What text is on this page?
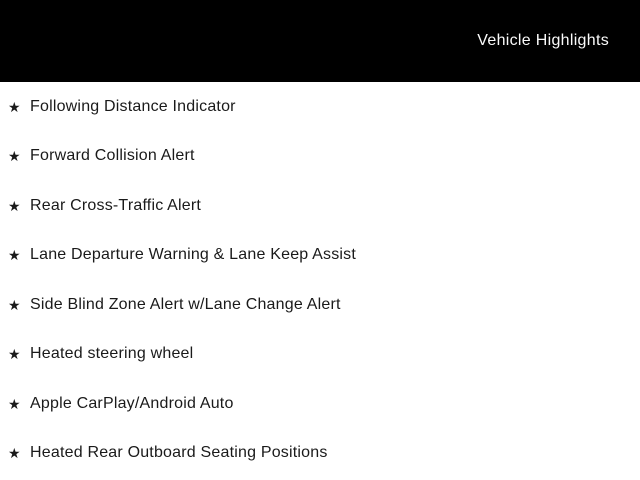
Vehicle Highlights
★ Following Distance Indicator
★ Forward Collision Alert
★ Rear Cross-Traffic Alert
★ Lane Departure Warning & Lane Keep Assist
★ Side Blind Zone Alert w/Lane Change Alert
★ Heated steering wheel
★ Apple CarPlay/Android Auto
★ Heated Rear Outboard Seating Positions
